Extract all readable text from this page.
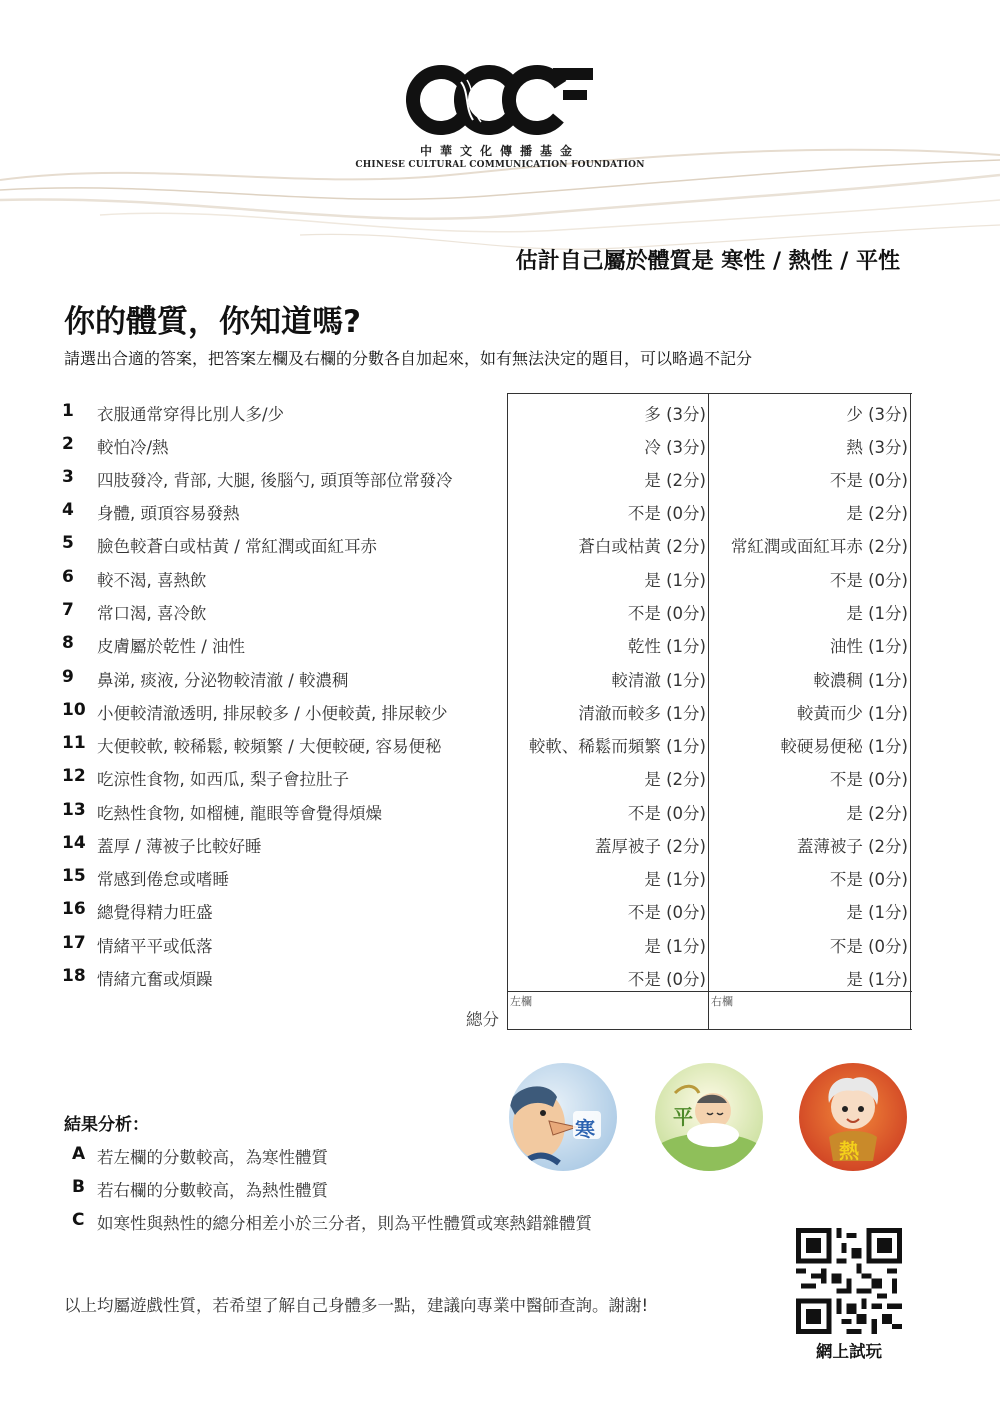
中華文化傳播基金
CHINESE CULTURAL COMMUNICATION FOUNDATION
估計自己屬於體質是 寒性 / 熱性 / 平性
你的體質，你知道嗎?
請選出合適的答案，把答案左欄及右欄的分數各自加起來，如有無法決定的題目，可以略過不記分
1	衣服通常穿得比別人多/少	多 (3分)	少 (3分)
2	較怕冷/熱	冷 (3分)	熱 (3分)
3	四肢發冷, 背部, 大腿, 後腦勺, 頭頂等部位常發冷	是 (2分)	不是 (0分)
4	身體, 頭頂容易發熱	不是 (0分)	是 (2分)
5	臉色較蒼白或枯黃 / 常紅潤或面紅耳赤	蒼白或枯黃 (2分)	常紅潤或面紅耳赤 (2分)
6	較不渴, 喜熱飲	是 (1分)	不是 (0分)
7	常口渴, 喜冷飲	不是 (0分)	是 (1分)
8	皮膚屬於乾性 / 油性	乾性 (1分)	油性 (1分)
9	鼻涕, 痰液, 分泌物較清澈 / 較濃稠	較清澈 (1分)	較濃稠 (1分)
10 小便較清澈透明, 排尿較多 / 小便較黃, 排尿較少	清澈而較多 (1分)	較黃而少 (1分)
11 大便較軟, 較稀鬆, 較頻繁 / 大便較硬, 容易便秘	較軟、稀鬆而頻繁 (1分)	較硬易便秘 (1分)
12 吃涼性食物, 如西瓜, 梨子會拉肚子	是 (2分)	不是 (0分)
13 吃熱性食物, 如榴槤, 龍眼等會覺得煩燥	不是 (0分)	是 (2分)
14 蓋厚 / 薄被子比較好睡	蓋厚被子 (2分)	蓋薄被子 (2分)
15 常感到倦怠或嗜睡	是 (1分)	不是 (0分)
16 總覺得精力旺盛	不是 (0分)	是 (1分)
17 情緒平平或低落	是 (1分)	不是 (0分)
18 情緒亢奮或煩躁	不是 (0分)	是 (1分)
總分
左欄	右欄
寒	平
熱
結果分析：
A 若左欄的分數較高，為寒性體質
B 若右欄的分數較高，為熱性體質
C 如寒性與熱性的總分相差小於三分者，則為平性體質或寒熱錯雜體質
以上均屬遊戲性質，若希望了解自己身體多一點，建議向專業中醫師查詢。謝謝!
網上試玩
